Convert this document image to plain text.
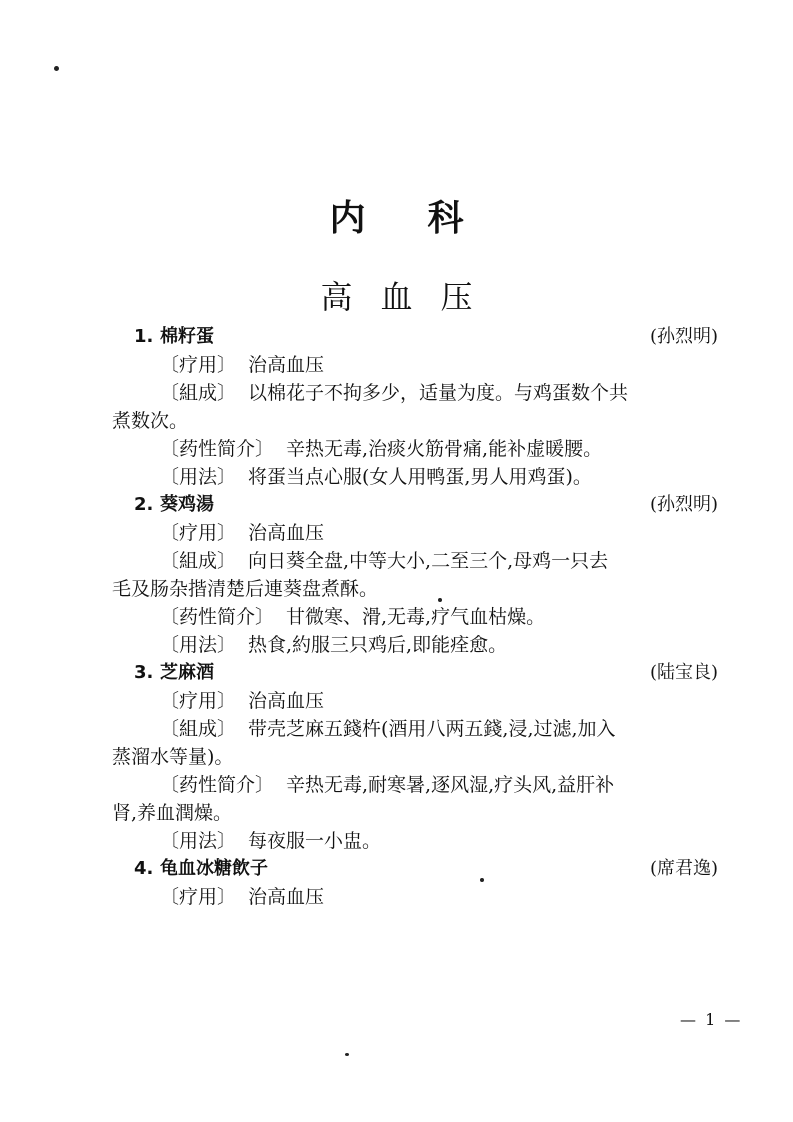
内科
高血压
1. 棉籽蛋	(孙烈明)
〔疗用〕 治高血压
〔組成〕 以棉花子不拘多少，适量为度。与鸡蛋数个共
煮数次。
〔药性简介〕 辛热无毒,治痰火筋骨痛,能补虚暖腰。
〔用法〕 将蛋当点心服(女人用鸭蛋,男人用鸡蛋)。
2. 葵鸡湯	(孙烈明)
〔疗用〕 治高血压
〔組成〕 向日葵全盘,中等大小,二至三个,母鸡一只去
毛及肠杂揩清楚后連葵盘煮酥。
〔药性简介〕 甘微寒、滑,无毒,疗气血枯燥。
〔用法〕 热食,約服三只鸡后,即能痊愈。
3. 芝麻酒	(陆宝良)
〔疗用〕 治高血压
〔組成〕 带壳芝麻五錢杵(酒用八两五錢,浸,过滤,加入
蒸溜水等量)。
〔药性简介〕 辛热无毒,耐寒暑,逐风湿,疗头风,益肝补
肾,养血潤燥。
〔用法〕 每夜服一小盅。
4. 龟血冰糖飲子	(席君逸)
〔疗用〕 治高血压
— 1 —
